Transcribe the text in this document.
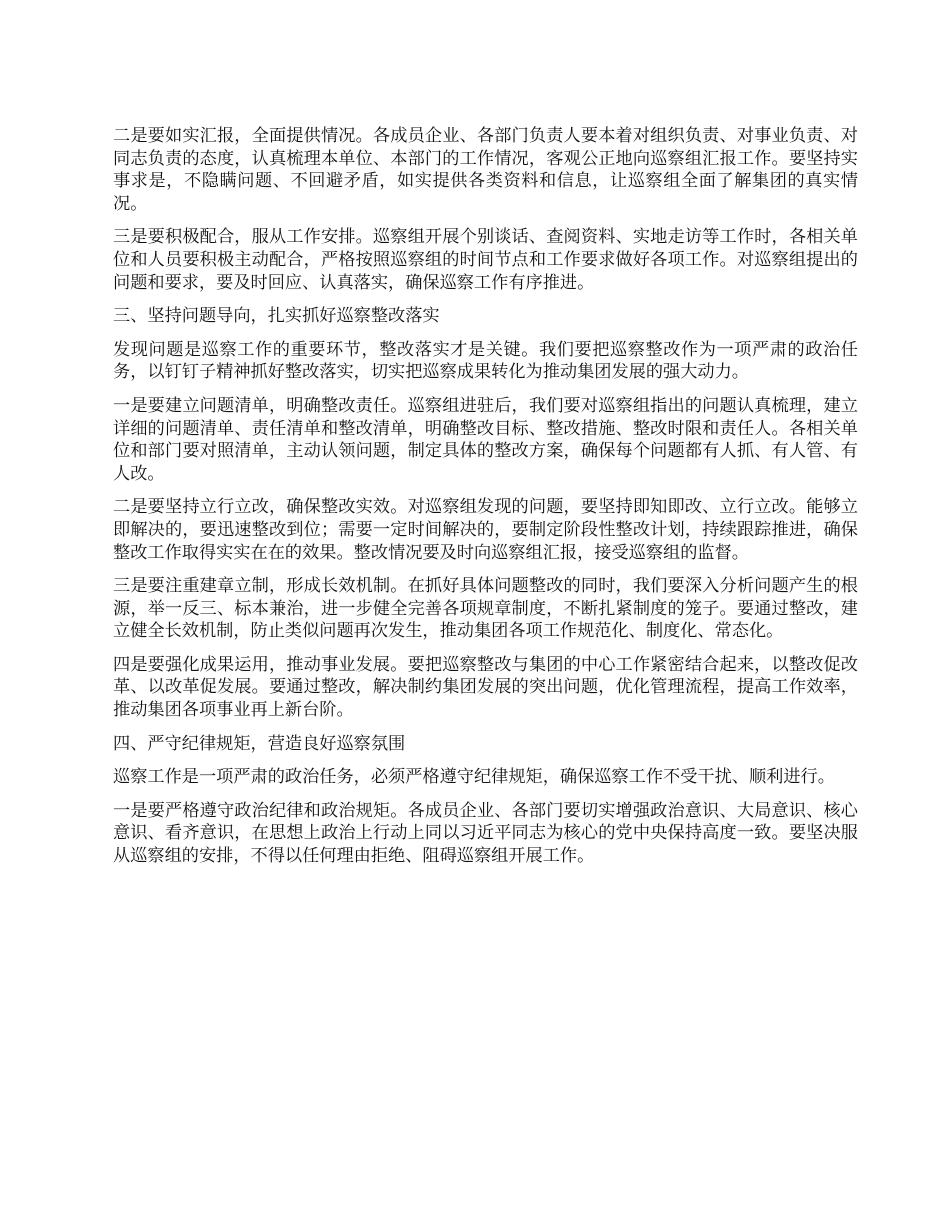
二是要如实汇报，全面提供情况。各成员企业、各部门负责人要本着对组织负责、对事业负责、对同志负责的态度，认真梳理本单位、本部门的工作情况，客观公正地向巡察组汇报工作。要坚持实事求是，不隐瞒问题、不回避矛盾，如实提供各类资料和信息，让巡察组全面了解集团的真实情况。

三是要积极配合，服从工作安排。巡察组开展个别谈话、查阅资料、实地走访等工作时，各相关单位和人员要积极主动配合，严格按照巡察组的时间节点和工作要求做好各项工作。对巡察组提出的问题和要求，要及时回应、认真落实，确保巡察工作有序推进。

三、坚持问题导向，扎实抓好巡察整改落实

发现问题是巡察工作的重要环节，整改落实才是关键。我们要把巡察整改作为一项严肃的政治任务，以钉钉子精神抓好整改落实，切实把巡察成果转化为推动集团发展的强大动力。

一是要建立问题清单，明确整改责任。巡察组进驻后，我们要对巡察组指出的问题认真梳理，建立详细的问题清单、责任清单和整改清单，明确整改目标、整改措施、整改时限和责任人。各相关单位和部门要对照清单，主动认领问题，制定具体的整改方案，确保每个问题都有人抓、有人管、有人改。

二是要坚持立行立改，确保整改实效。对巡察组发现的问题，要坚持即知即改、立行立改。能够立即解决的，要迅速整改到位；需要一定时间解决的，要制定阶段性整改计划，持续跟踪推进，确保整改工作取得实实在在的效果。整改情况要及时向巡察组汇报，接受巡察组的监督。

三是要注重建章立制，形成长效机制。在抓好具体问题整改的同时，我们要深入分析问题产生的根源，举一反三、标本兼治，进一步健全完善各项规章制度，不断扎紧制度的笼子。要通过整改，建立健全长效机制，防止类似问题再次发生，推动集团各项工作规范化、制度化、常态化。

四是要强化成果运用，推动事业发展。要把巡察整改与集团的中心工作紧密结合起来，以整改促改革、以改革促发展。要通过整改，解决制约集团发展的突出问题，优化管理流程，提高工作效率，推动集团各项事业再上新台阶。

四、严守纪律规矩，营造良好巡察氛围

巡察工作是一项严肃的政治任务，必须严格遵守纪律规矩，确保巡察工作不受干扰、顺利进行。

一是要严格遵守政治纪律和政治规矩。各成员企业、各部门要切实增强政治意识、大局意识、核心意识、看齐意识，在思想上政治上行动上同以习近平同志为核心的党中央保持高度一致。要坚决服从巡察组的安排，不得以任何理由拒绝、阻碍巡察组开展工作。
